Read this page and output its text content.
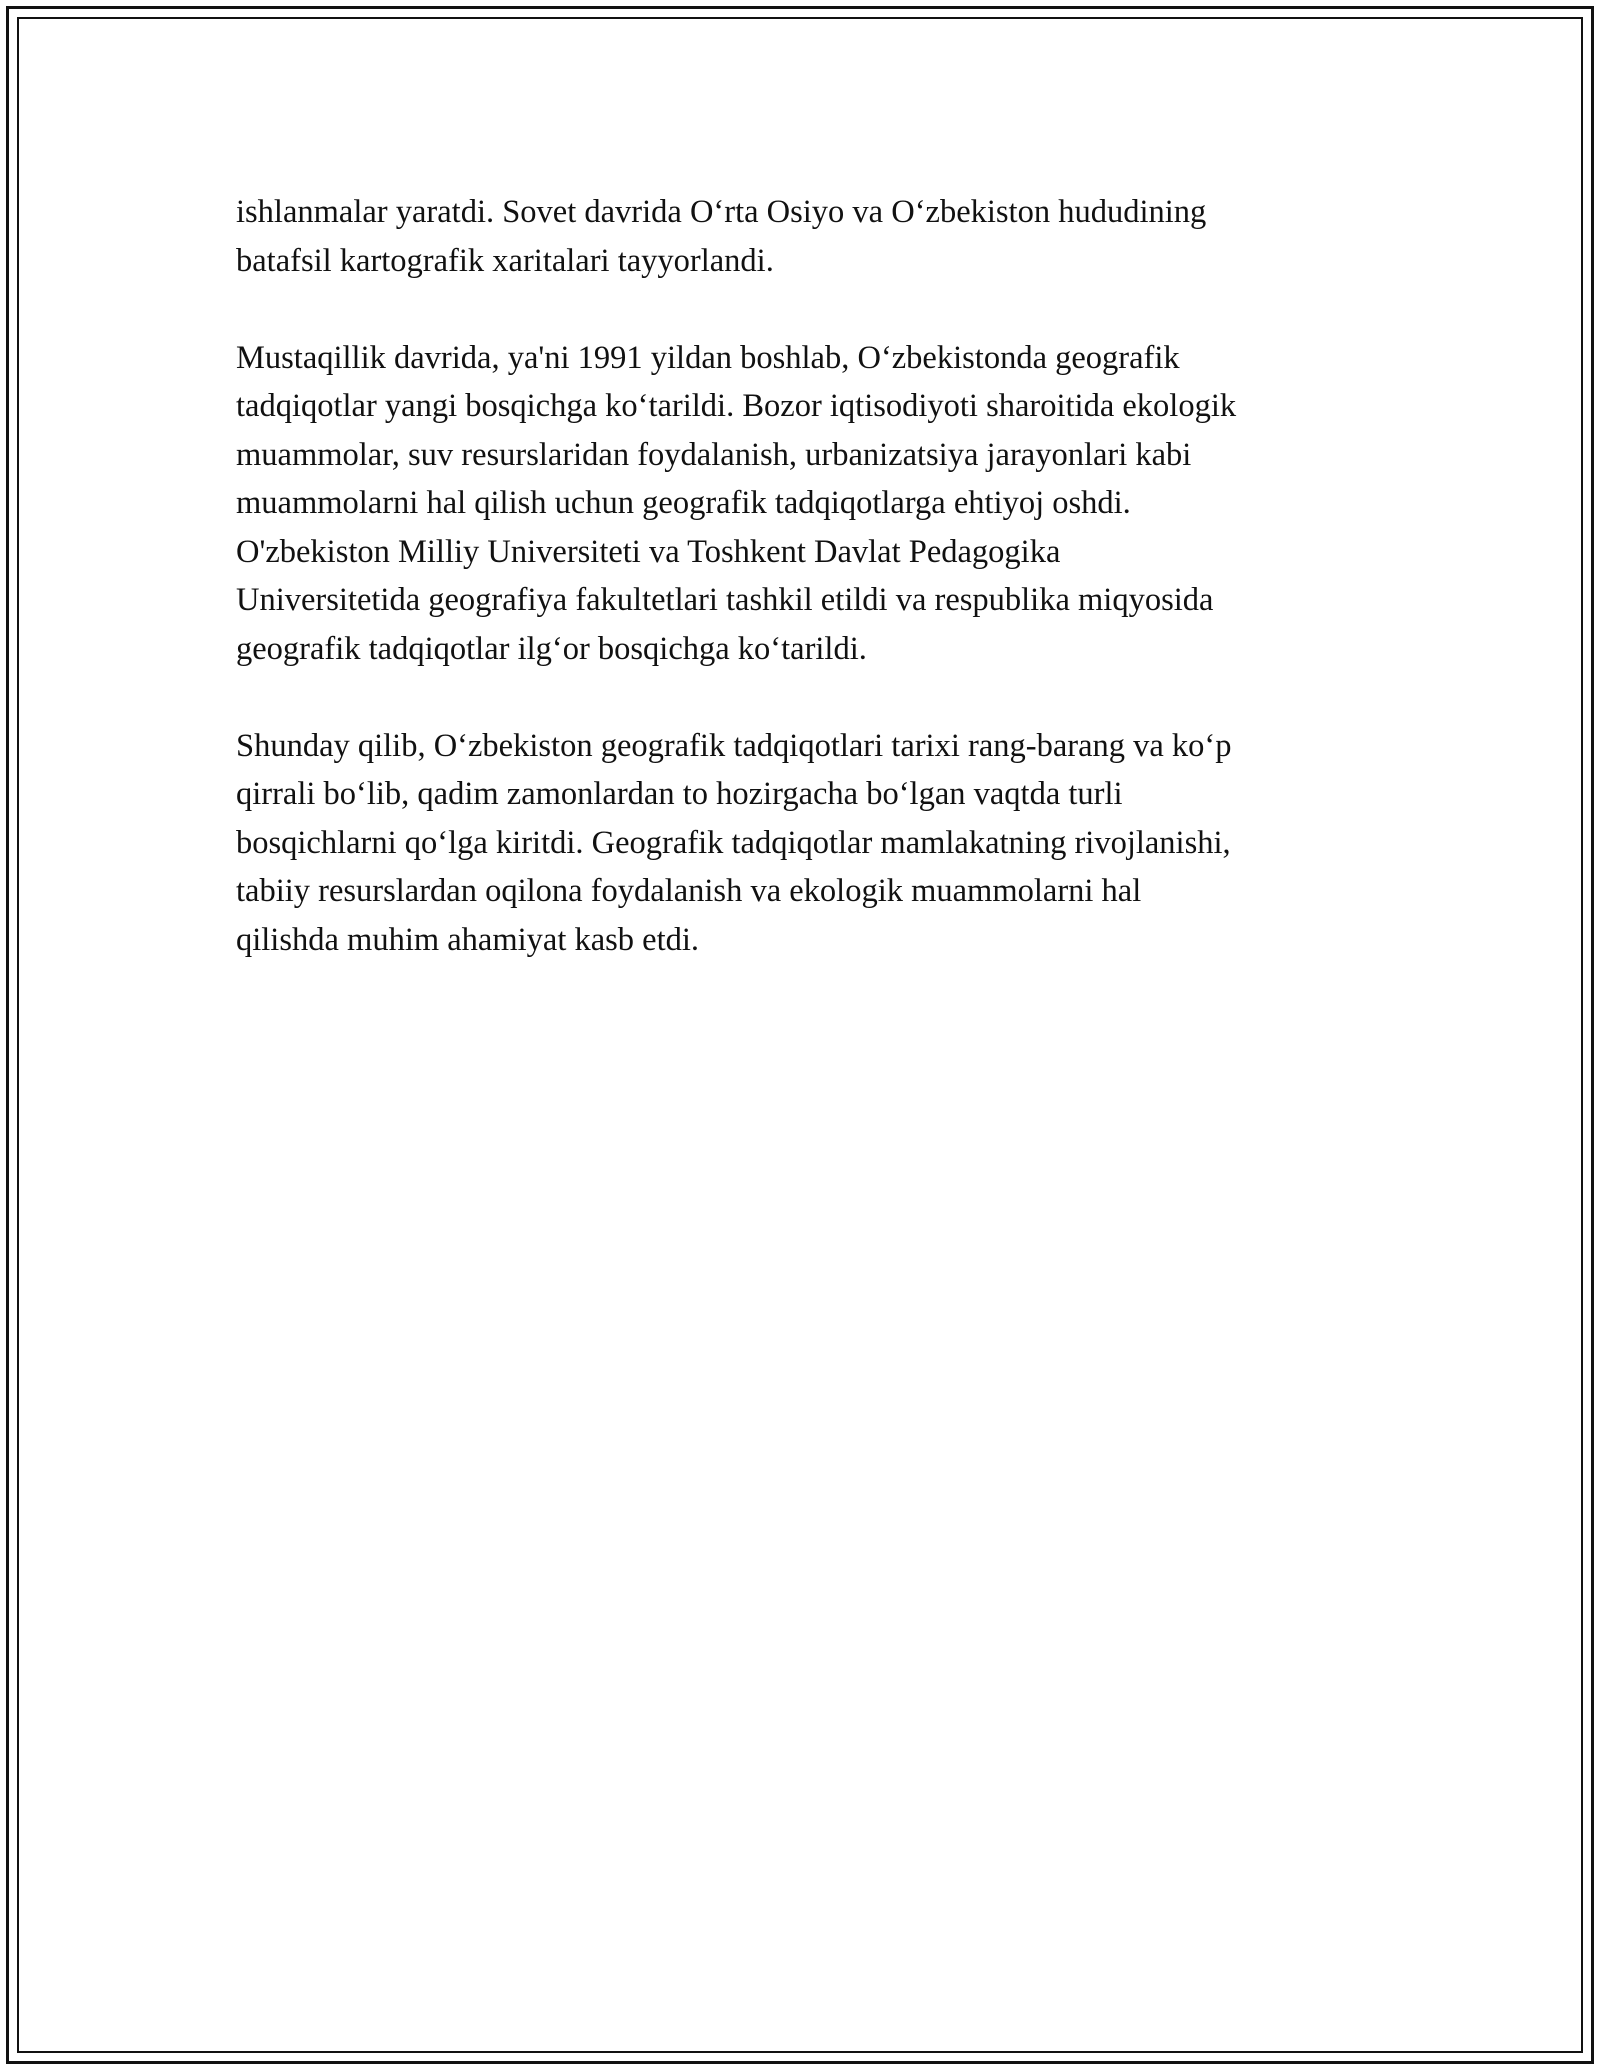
ishlanmalar yaratdi. Sovet davrida O‘rta Osiyo va O‘zbekiston hududining
batafsil kartografik xaritalari tayyorlandi.

Mustaqillik davrida, ya'ni 1991 yildan boshlab, O‘zbekistonda geografik
tadqiqotlar yangi bosqichga ko‘tarildi. Bozor iqtisodiyoti sharoitida ekologik
muammolar, suv resurslaridan foydalanish, urbanizatsiya jarayonlari kabi
muammolarni hal qilish uchun geografik tadqiqotlarga ehtiyoj oshdi.
O'zbekiston Milliy Universiteti va Toshkent Davlat Pedagogika
Universitetida geografiya fakultetlari tashkil etildi va respublika miqyosida
geografik tadqiqotlar ilg‘or bosqichga ko‘tarildi.

Shunday qilib, O‘zbekiston geografik tadqiqotlari tarixi rang-barang va ko‘p
qirrali bo‘lib, qadim zamonlardan to hozirgacha bo‘lgan vaqtda turli
bosqichlarni qo‘lga kiritdi. Geografik tadqiqotlar mamlakatning rivojlanishi,
tabiiy resurslardan oqilona foydalanish va ekologik muammolarni hal
qilishda muhim ahamiyat kasb etdi.
